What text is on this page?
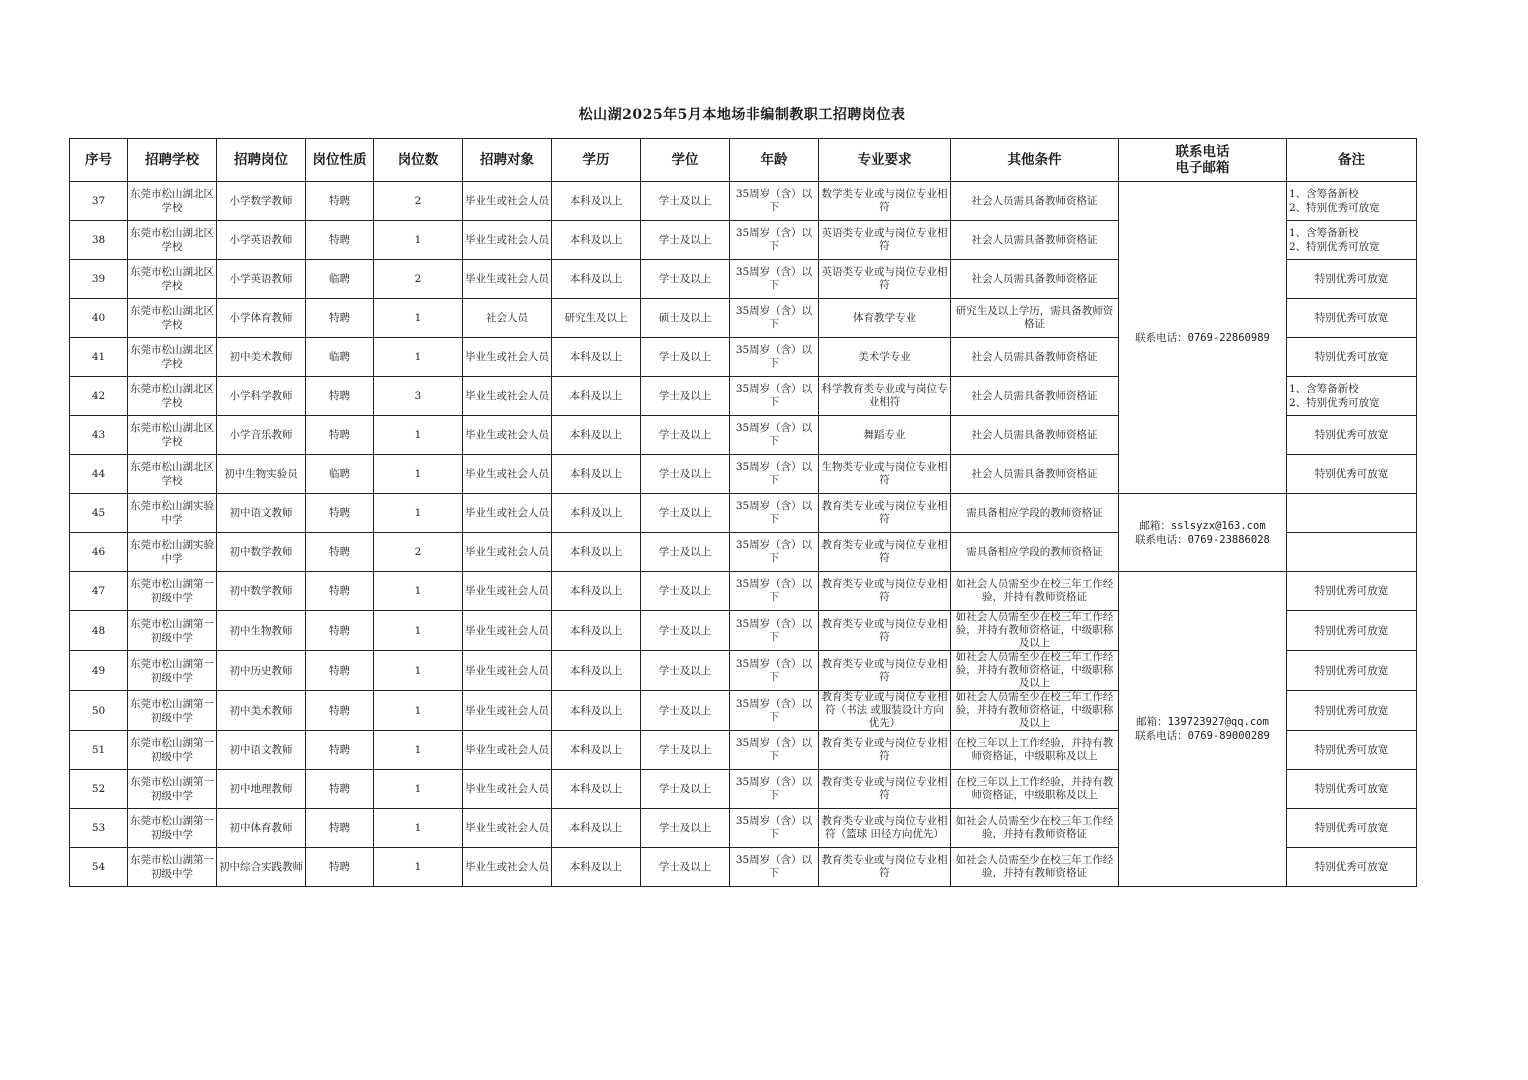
松山湖2025年5月本地场非编制教职工招聘岗位表
序号	招聘学校	招聘岗位	岗位性质	岗位数	招聘对象	学历	学位	年龄	专业要求	其他条件	联系电话
电子邮箱	备注
37	东莞市松山湖北区学校	小学数学教师	特聘	2	毕业生或社会人员	本科及以上	学士及以上	35周岁（含）以下	数学类专业或与岗位专业相符	社会人员需具备教师资格证	联系电话：0769-22860989	1、含筹备新校
2、特别优秀可放宽

38	东莞市松山湖北区学校	小学英语教师	特聘	1	毕业生或社会人员	本科及以上	学士及以上	35周岁（含）以下	英语类专业或与岗位专业相符	社会人员需具备教师资格证		1、含筹备新校
2、特别优秀可放宽

39	东莞市松山湖北区学校	小学英语教师	临聘	2	毕业生或社会人员	本科及以上	学士及以上	35周岁（含）以下	英语类专业或与岗位专业相符	社会人员需具备教师资格证		特别优秀可放宽

40	东莞市松山湖北区学校	小学体育教师	特聘	1	社会人员	研究生及以上	硕士及以上	35周岁（含）以下	体育教学专业	研究生及以上学历，需具备教师资格证		特别优秀可放宽

41	东莞市松山湖北区学校	初中美术教师	临聘	1	毕业生或社会人员	本科及以上	学士及以上	35周岁（含）以下	美术学专业	社会人员需具备教师资格证		特别优秀可放宽

42	东莞市松山湖北区学校	小学科学教师	特聘	3	毕业生或社会人员	本科及以上	学士及以上	35周岁（含）以下	科学教育类专业或与岗位专业相符	社会人员需具备教师资格证		1、含筹备新校
2、特别优秀可放宽

43	东莞市松山湖北区学校	小学音乐教师	特聘	1	毕业生或社会人员	本科及以上	学士及以上	35周岁（含）以下	舞蹈专业	社会人员需具备教师资格证		特别优秀可放宽

44	东莞市松山湖北区学校	初中生物实验员	临聘	1	毕业生或社会人员	本科及以上	学士及以上	35周岁（含）以下	生物类专业或与岗位专业相符	社会人员需具备教师资格证		特别优秀可放宽

45	东莞市松山湖实验中学	初中语文教师	特聘	1	毕业生或社会人员	本科及以上	学士及以上	35周岁（含）以下	教育类专业或与岗位专业相符	需具备相应学段的教师资格证	邮箱：sslsyzx@163.com
联系电话：0769-23886028	

46	东莞市松山湖实验中学	初中数学教师	特聘	2	毕业生或社会人员	本科及以上	学士及以上	35周岁（含）以下	教育类专业或与岗位专业相符	需具备相应学段的教师资格证		
47	东莞市松山湖第一初级中学	初中数学教师	特聘	1	毕业生或社会人员	本科及以上	学士及以上	35周岁（含）以下	教育类专业或与岗位专业相符	如社会人员需至少在校三年工作经验，并持有教师资格证	邮箱：139723927@qq.com
联系电话：0769-89000289	特别优秀可放宽

48	东莞市松山湖第一初级中学	初中生物教师	特聘	1	毕业生或社会人员	本科及以上	学士及以上	35周岁（含）以下	教育类专业或与岗位专业相符	如社会人员需至少在校三年工作经验，并持有教师资格证，中级职称及以上		特别优秀可放宽

49	东莞市松山湖第一初级中学	初中历史教师	特聘	1	毕业生或社会人员	本科及以上	学士及以上	35周岁（含）以下	教育类专业或与岗位专业相符	如社会人员需至少在校三年工作经验，并持有教师资格证，中级职称及以上		特别优秀可放宽

50	东莞市松山湖第一初级中学	初中美术教师	特聘	1	毕业生或社会人员	本科及以上	学士及以上	35周岁（含）以下	教育类专业或与岗位专业相符（书法 或服装设计方向优先）	如社会人员需至少在校三年工作经验，并持有教师资格证，中级职称及以上		特别优秀可放宽

51	东莞市松山湖第一初级中学	初中语文教师	特聘	1	毕业生或社会人员	本科及以上	学士及以上	35周岁（含）以下	教育类专业或与岗位专业相符	在校三年以上工作经验，并持有教师资格证，中级职称及以上		特别优秀可放宽

52	东莞市松山湖第一初级中学	初中地理教师	特聘	1	毕业生或社会人员	本科及以上	学士及以上	35周岁（含）以下	教育类专业或与岗位专业相符	在校三年以上工作经验，并持有教师资格证，中级职称及以上		特别优秀可放宽

53	东莞市松山湖第一初级中学	初中体育教师	特聘	1	毕业生或社会人员	本科及以上	学士及以上	35周岁（含）以下	教育类专业或与岗位专业相符（篮球 田径方向优先）	如社会人员需至少在校三年工作经验，并持有教师资格证		特别优秀可放宽

54	东莞市松山湖第一初级中学	初中综合实践教师	特聘	1	毕业生或社会人员	本科及以上	学士及以上	35周岁（含）以下	教育类专业或与岗位专业相符	如社会人员需至少在校三年工作经验，并持有教师资格证		特别优秀可放宽
